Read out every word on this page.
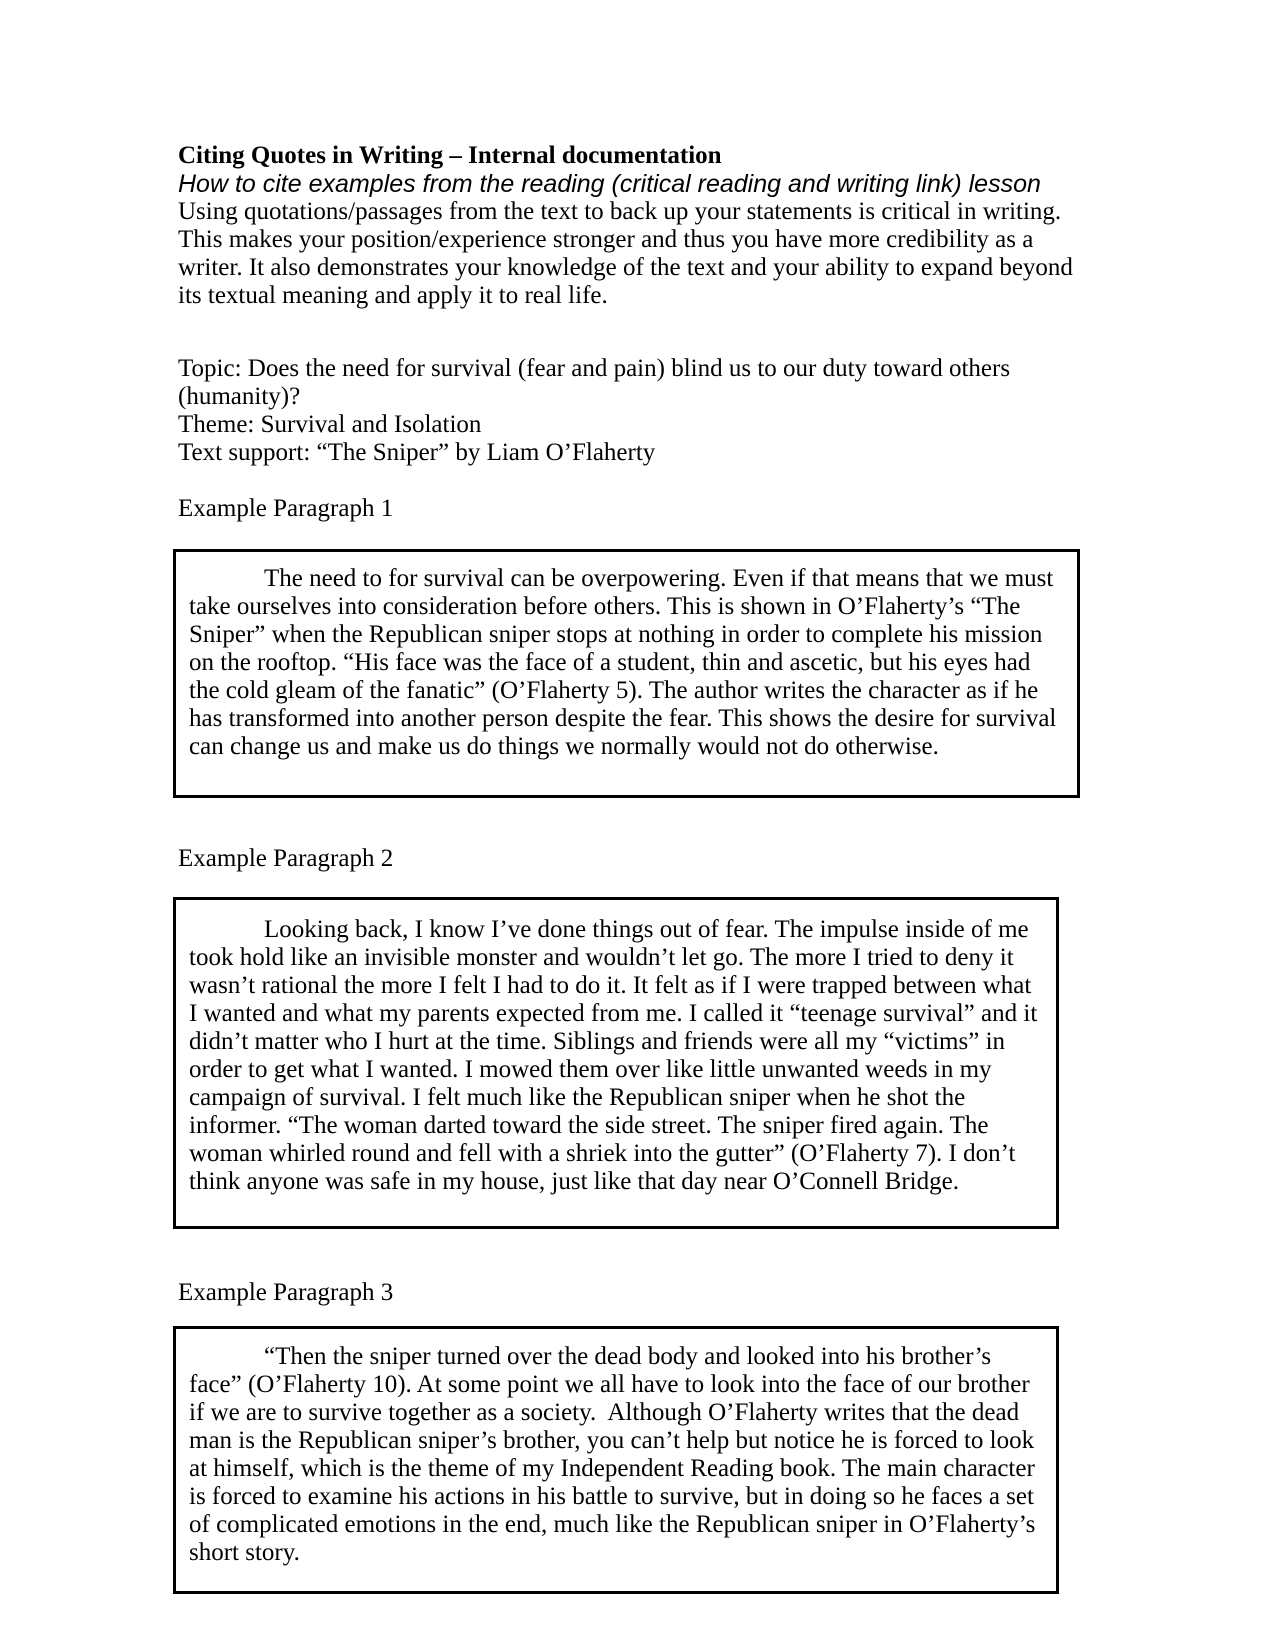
Citing Quotes in Writing – Internal documentation

How to cite examples from the reading (critical reading and writing link) lesson

Using quotations/passages from the text to back up your statements is critical in writing. This makes your position/experience stronger and thus you have more credibility as a writer. It also demonstrates your knowledge of the text and your ability to expand beyond its textual meaning and apply it to real life.

Topic: Does the need for survival (fear and pain) blind us to our duty toward others (humanity)?

Theme: Survival and Isolation

Text support: “The Sniper” by Liam O’Flaherty

Example Paragraph 1

The need to for survival can be overpowering. Even if that means that we must take ourselves into consideration before others. This is shown in O’Flaherty’s “The Sniper” when the Republican sniper stops at nothing in order to complete his mission on the rooftop. “His face was the face of a student, thin and ascetic, but his eyes had the cold gleam of the fanatic” (O’Flaherty 5). The author writes the character as if he has transformed into another person despite the fear. This shows the desire for survival can change us and make us do things we normally would not do otherwise.

Example Paragraph 2

Looking back, I know I’ve done things out of fear. The impulse inside of me took hold like an invisible monster and wouldn’t let go. The more I tried to deny it wasn’t rational the more I felt I had to do it. It felt as if I were trapped between what I wanted and what my parents expected from me. I called it “teenage survival” and it didn’t matter who I hurt at the time. Siblings and friends were all my “victims” in order to get what I wanted. I mowed them over like little unwanted weeds in my campaign of survival. I felt much like the Republican sniper when he shot the informer. “The woman darted toward the side street. The sniper fired again. The woman whirled round and fell with a shriek into the gutter” (O’Flaherty 7). I don’t think anyone was safe in my house, just like that day near O’Connell Bridge.

Example Paragraph 3

“Then the sniper turned over the dead body and looked into his brother’s face” (O’Flaherty 10). At some point we all have to look into the face of our brother if we are to survive together as a society.  Although O’Flaherty writes that the dead man is the Republican sniper’s brother, you can’t help but notice he is forced to look at himself, which is the theme of my Independent Reading book. The main character is forced to examine his actions in his battle to survive, but in doing so he faces a set of complicated emotions in the end, much like the Republican sniper in O’Flaherty’s short story.
